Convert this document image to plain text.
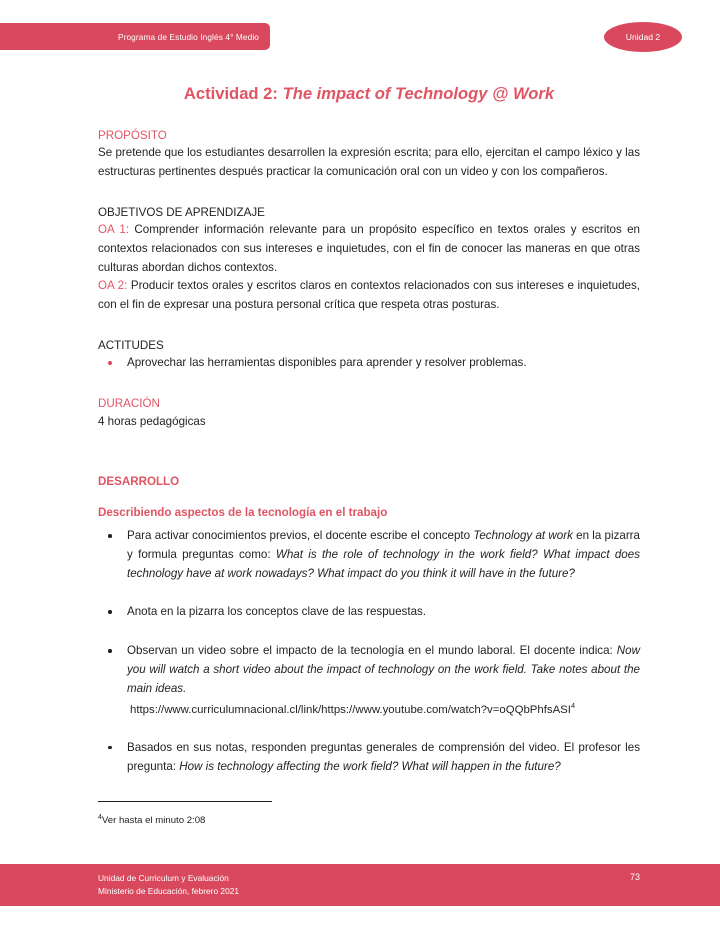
Programa de Estudio Inglés 4° Medio	Unidad 2
Actividad 2: The impact of Technology @ Work
PROPÓSITO

Se pretende que los estudiantes desarrollen la expresión escrita; para ello, ejercitan el campo léxico y las estructuras pertinentes después practicar la comunicación oral con un video y con los compañeros.

OBJETIVOS DE APRENDIZAJE

OA 1: Comprender información relevante para un propósito específico en textos orales y escritos en contextos relacionados con sus intereses e inquietudes, con el fin de conocer las maneras en que otras culturas abordan dichos contextos.

OA 2: Producir textos orales y escritos claros en contextos relacionados con sus intereses e inquietudes, con el fin de expresar una postura personal crítica que respeta otras posturas.

ACTITUDES
Aprovechar las herramientas disponibles para aprender y resolver problemas.
DURACIÓN

4 horas pedagógicas

DESARROLLO
Describiendo aspectos de la tecnología en el trabajo
Para activar conocimientos previos, el docente escribe el concepto Technology at work en la pizarra y formula preguntas como: What is the role of technology in the work field? What impact does technology have at work nowadays? What impact do you think it will have in the future?
Anota en la pizarra los conceptos clave de las respuestas.
Observan un video sobre el impacto de la tecnología en el mundo laboral. El docente indica: Now you will watch a short video about the impact of technology on the work field. Take notes about the main ideas.
https://www.curriculumnacional.cl/link/https://www.youtube.com/watch?v=oQQbPhfsASI$^4$
Basados en sus notas, responden preguntas generales de comprensión del video. El profesor les pregunta: How is technology affecting the work field? What will happen in the future?
$^4$Ver hasta el minuto 2:08
Unidad de Curriculum y Evaluación
Ministerio de Educación, febrero 2021
73
